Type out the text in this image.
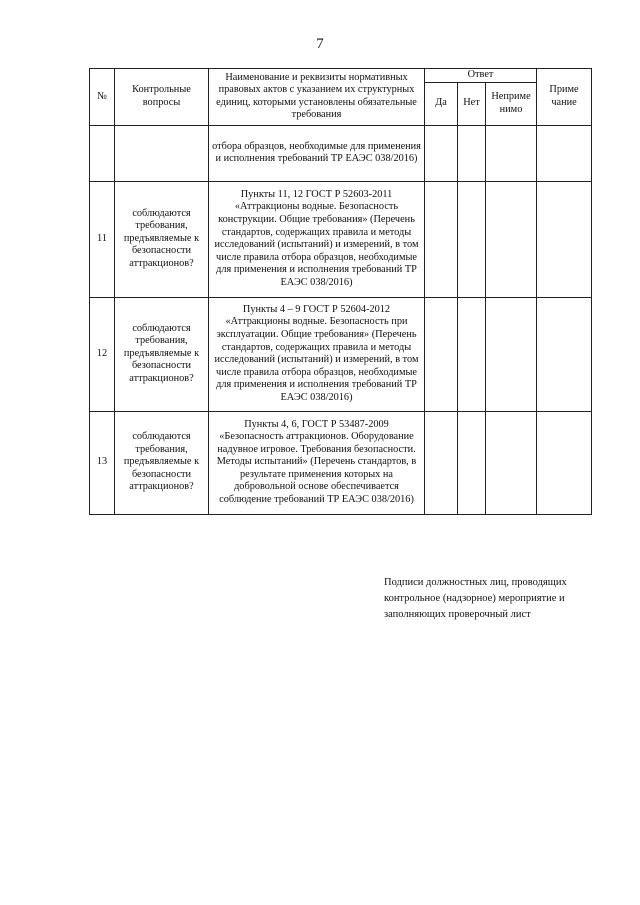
7
№	Контрольные вопросы	Наименование и реквизиты нормативных правовых актов с указанием их структурных единиц, которыми установлены обязательные требования	Ответ			Приме чание
			Да	Нет	Неприме нимо	
		отбора образцов, необходимые для применения и исполнения требований ТР ЕАЭС 038/2016)				
11	соблюдаются требования, предъявляемые к безопасности аттракционов?	Пункты 11, 12 ГОСТ Р 52603-2011 «Аттракционы водные. Безопасность конструкции. Общие требования» (Перечень стандартов, содержащих правила и методы исследований (испытаний) и измерений, в том числе правила отбора образцов, необходимые для применения и исполнения требований ТР ЕАЭС 038/2016)				
12	соблюдаются требования, предъявляемые к безопасности аттракционов?	Пункты 4 – 9 ГОСТ Р 52604-2012 «Аттракционы водные. Безопасность при эксплуатации. Общие требования» (Перечень стандартов, содержащих правила и методы исследований (испытаний) и измерений, в том числе правила отбора образцов, необходимые для применения и исполнения требований ТР ЕАЭС 038/2016)				
13	соблюдаются требования, предъявляемые к безопасности аттракционов?	Пункты 4, 6, ГОСТ Р 53487-2009 «Безопасность аттракционов. Оборудование надувное игровое. Требования безопасности. Методы испытаний» (Перечень стандартов, в результате применения которых на добровольной основе обеспечивается соблюдение требований ТР ЕАЭС 038/2016)				
Подписи должностных лиц, проводящих контрольное (надзорное) мероприятие и заполняющих проверочный лист
